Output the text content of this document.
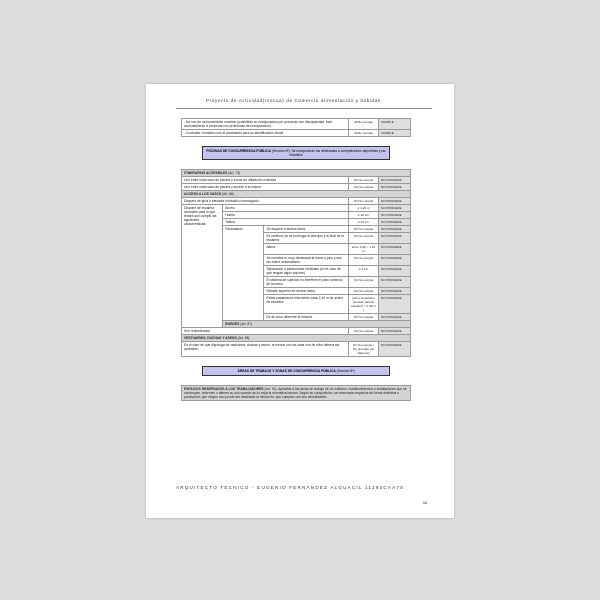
Proyecto de Actividad(Inocua) de Comercio alimentación y bebidas
- No son de accionamiento rotatorio (posibilitan su manipulación por personas con discapacidad, fácil accionamiento a personas con problemas de manipulación).	Sí/No cumple	CUMPLE
- Contraste cromático con el paramento para su identificación visual	Sí/No cumple	CUMPLE
PISCINAS DE CONCURRENCIA PÚBLICA (Sección 6ª). Se excepcionan las destinadas a competiciones deportivas y las infantiles
ITINERARIOS ACCESIBLES (Art. 73)				
Uno entre cada vaso de piscina y zonas de utilización colectiva			Sí/ No cumple	NO PROCEDE
Uno entre cada vaso de piscina y acceso a la misma			Sí/ No cumple	NO PROCEDE
ACCESO A LOS VASOS (Art. 86)				
Dispone de grúa o elevador hidráulico homologado.			Sí/ No cumple	NO PROCEDE
Dispone de escalera accesible para lo que tendrá que cumplir las siguientes características:	Ancho		≥ 1,20 m	NO PROCEDE
	Huella		≥ 30 cm	NO PROCEDE
	Tabica		≤ 16 cm	NO PROCEDE
	Pasamanos	Se dispone a ambos lados	Sí/ No cumple	NO PROCEDE
		Es continuo (si se prolonga al principio y al final de la escalera	Sí/ No cumple	NO PROCEDE
		Altura	entre 0,90 – 1,10 m	NO PROCEDE
		Se muestra rrr muy destacada la mano y pico y sus res sobre automatismo	Sí/ No cumple	NO PROCEDE
		Separación a paramentos verticales (en el caso de que tengan algún soporte)	≥ 4 cm	NO PROCEDE
		El sistema de sujeción no interfiere el paso continuo de la mano	Sí/ No cumple	NO PROCEDE
		Remate superior en ambos lados	Sí/ No cumple	NO PROCEDE
		Existe pasamanos intermedio cada 2,40 m de ancho de escalera	(sí/no cumple/no procede (ancho escalera < 2,40 m )	NO PROCEDE
		Es de color diferente al entorno	Sí/ No cumple	NO PROCEDE
	BORDES (Art. 87)			
Son redondeados			Sí/ No cumple	NO PROCEDE
VESTUARIOS, DUCHAS Y ASEOS (Art. 88)				
En el caso de que disponga de vestuarios, duchas y aseos, al menos uno de cada uno de ellos deberá ser accesible.			Sí/ No cumple / No procede (no dispone)	NO PROCEDE
ÁREAS DE TRABAJO Y ZONAS DE CONCURRENCIA PÚBLICA (Sección 8ª)
ESPACIOS RESERVADOS A LOS TRABAJADORES (Art. 91). Aplicable a las áreas de trabajo de los edificios, establecimientos e instalaciones que se construyan, reformen o alteren su uso cuando así lo exija la normativa laboral. Según su composición, se reservarán espacios de forma definitiva o provisional, que ningún otro puede ser destinado al mismo fin, que cumplan con sus necesidades.
ARQUITECTO TÉCNICO - EUGENIO FERNÁNDEZ ALGUACIL 11293CAA78
48
